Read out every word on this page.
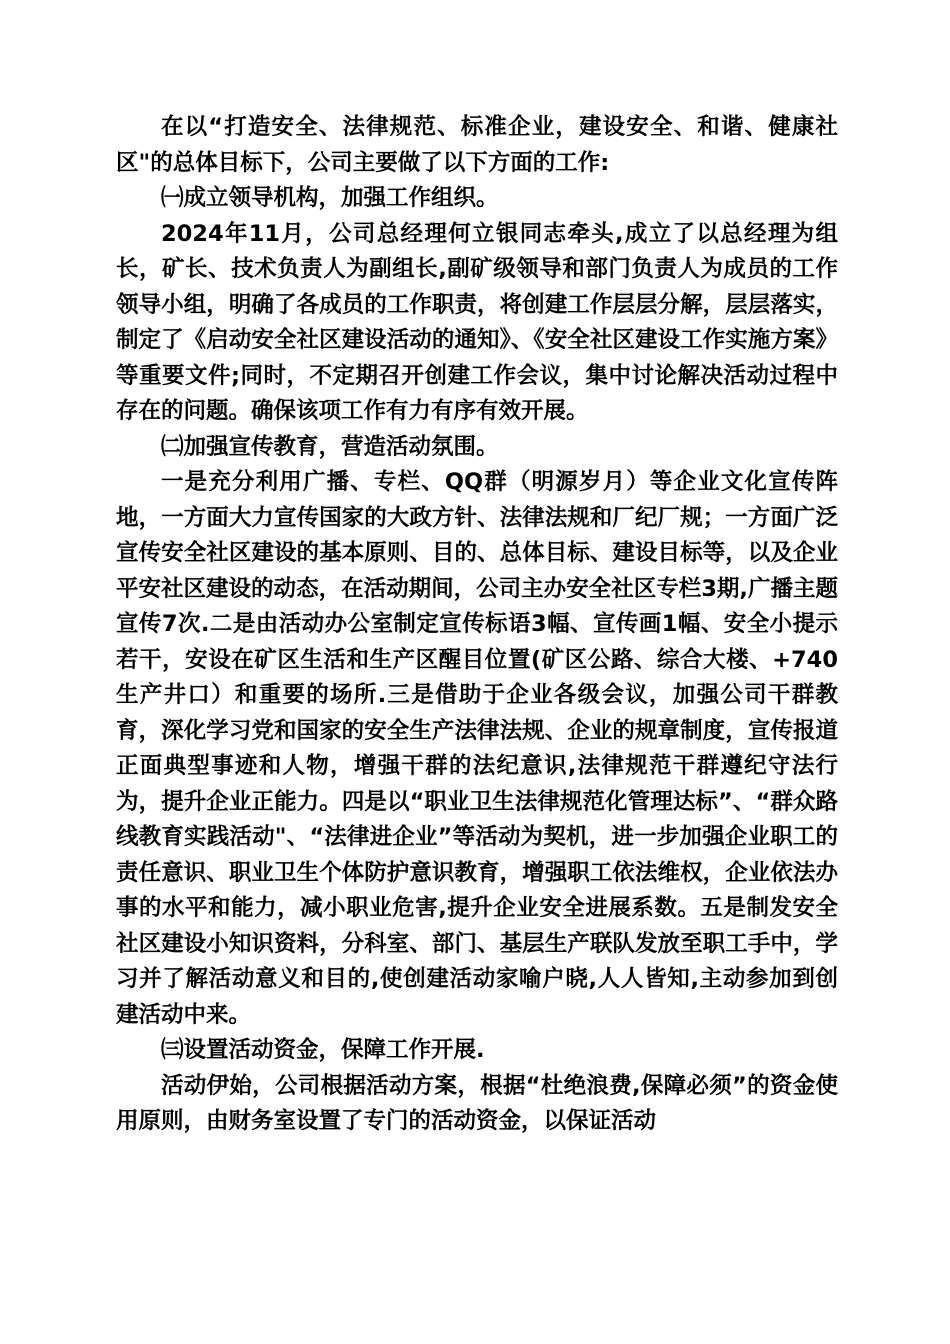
在以“打造安全、法律规范、标准企业，建设安全、和谐、健康社区"的总体目标下，公司主要做了以下方面的工作:

㈠成立领导机构，加强工作组织。

2024年11月，公司总经理何立银同志牵头,成立了以总经理为组长，矿长、技术负责人为副组长,副矿级领导和部门负责人为成员的工作领导小组，明确了各成员的工作职责，将创建工作层层分解，层层落实，制定了《启动安全社区建设活动的通知》、《安全社区建设工作实施方案》等重要文件;同时，不定期召开创建工作会议，集中讨论解决活动过程中存在的问题。确保该项工作有力有序有效开展。

㈡加强宣传教育，营造活动氛围。

一是充分利用广播、专栏、QQ群（明源岁月）等企业文化宣传阵地，一方面大力宣传国家的大政方针、法律法规和厂纪厂规；一方面广泛宣传安全社区建设的基本原则、目的、总体目标、建设目标等，以及企业平安社区建设的动态，在活动期间，公司主办安全社区专栏3期,广播主题宣传7次.二是由活动办公室制定宣传标语3幅、宣传画1幅、安全小提示若干，安设在矿区生活和生产区醒目位置(矿区公路、综合大楼、+740生产井口）和重要的场所.三是借助于企业各级会议，加强公司干群教育，深化学习党和国家的安全生产法律法规、企业的规章制度，宣传报道正面典型事迹和人物，增强干群的法纪意识,法律规范干群遵纪守法行为，提升企业正能力。四是以“职业卫生法律规范化管理达标”、“群众路线教育实践活动"、“法律进企业”等活动为契机，进一步加强企业职工的责任意识、职业卫生个体防护意识教育，增强职工依法维权，企业依法办事的水平和能力，减小职业危害,提升企业安全进展系数。五是制发安全社区建设小知识资料，分科室、部门、基层生产联队发放至职工手中，学习并了解活动意义和目的,使创建活动家喻户晓,人人皆知,主动参加到创建活动中来。

㈢设置活动资金，保障工作开展.

活动伊始，公司根据活动方案，根据“杜绝浪费,保障必须”的资金使用原则，由财务室设置了专门的活动资金，以保证活动
